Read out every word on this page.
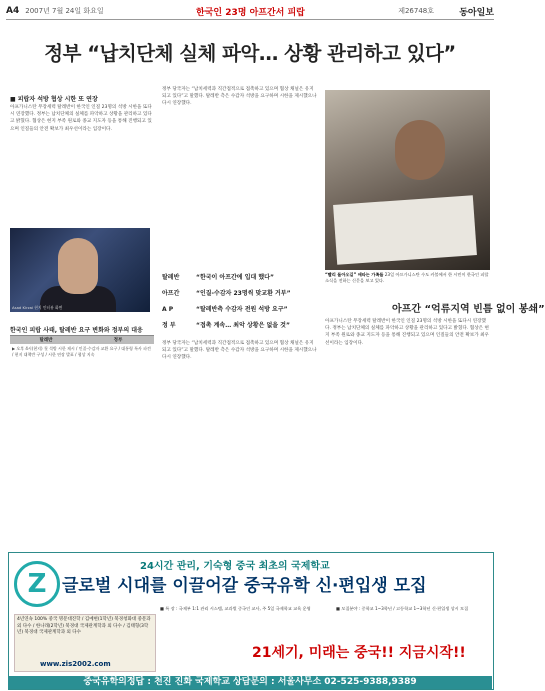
A4 2007년 7월 24일 화요일	한국인 23명 아프간서 피랍	제26748호	동아일보
정부 “납치단체 실체 파악… 상황 관리하고 있다”
■ 피랍자 석방 협상 시한 또 연장
아프가니스탄 무장세력 탈레반이 한국인 인질 23명의 석방 시한을 또다시 연장했다. 정부는 납치단체의 실체를 파악하고 상황을 관리하고 있다고 밝혔다. 협상은 현지 부족 원로와 종교 지도자 등을 통해 진행되고 있으며 인질들의 안전 확보가 최우선이라는 입장이다.
정부 당국자는 “납치세력과 직간접적으로 접촉하고 있으며 협상 채널은 유지되고 있다”고 말했다. 탈레반 측은 수감자 석방을 요구하며 시한을 제시했으나 다시 연장했다.
Asad Kirzai 현지 인터뷰 화면
한국인 피랍 사태, 탈레반 요구 변화와 정부의 대응
탈레반	정부
▶ 오후 4시(현지) 첫 석방 시한 제시 / 인질-수감자 교환 요구 / 대통령 특사 파견 / 현지 대책반 구성 / 시한 연장 발표 / 협상 지속
탈레반	“한국이 아프간에 입대 했다”
아프간	“인질-수감자 23명씩 맞교환 거부”
A P	“탈레반측 수감자 전원 석방 요구”
정 부	“접촉 계속… 최악 상황은 없을 것”
정부 당국자는 “납치세력과 직간접적으로 접촉하고 있으며 협상 채널은 유지되고 있다”고 말했다. 탈레반 측은 수감자 석방을 요구하며 시한을 제시했으나 다시 연장했다.
“빨리 돌아오길” 애타는 가족들 23일 아프가니스탄 수도 카불에서 한 시민이 한국인 피랍 소식을 전하는 신문을 보고 있다.
아프간 “억류지역 빈틈 없이 봉쇄”
아프가니스탄 무장세력 탈레반이 한국인 인질 23명의 석방 시한을 또다시 연장했다. 정부는 납치단체의 실체를 파악하고 상황을 관리하고 있다고 밝혔다. 협상은 현지 부족 원로와 종교 지도자 등을 통해 진행되고 있으며 인질들의 안전 확보가 최우선이라는 입장이다.
24시간 관리, 기숙형 중국 최초의 국제학교
Z 글로벌 시대를 이끌어갈 중국유학 신·편입생 모집
4년연속 100% 중국 명문대진학 / 김예현(1학년) 북경청화대 중문과 외 다수 / 한나래(2학년) 북경대 국제관계학과 외 다수 / 김태형(3학년) 북경대 국제관계학과 외 다수
■ 특 장 : 국제부 1:1 관리 시스템, 교과별 중국인 교사, 주 5일 국제학교 교육 운영	■ 모집분야 : 중학교 1~3학년 / 고등학교 1~3학년 신·편입생 상시 모집
21세기, 미래는 중국!! 지금시작!!
www.zis2002.com
중국유학의정답 : 천진 진화 국제학교 상담문의 : 서울사무소 02-525-9388,9389
